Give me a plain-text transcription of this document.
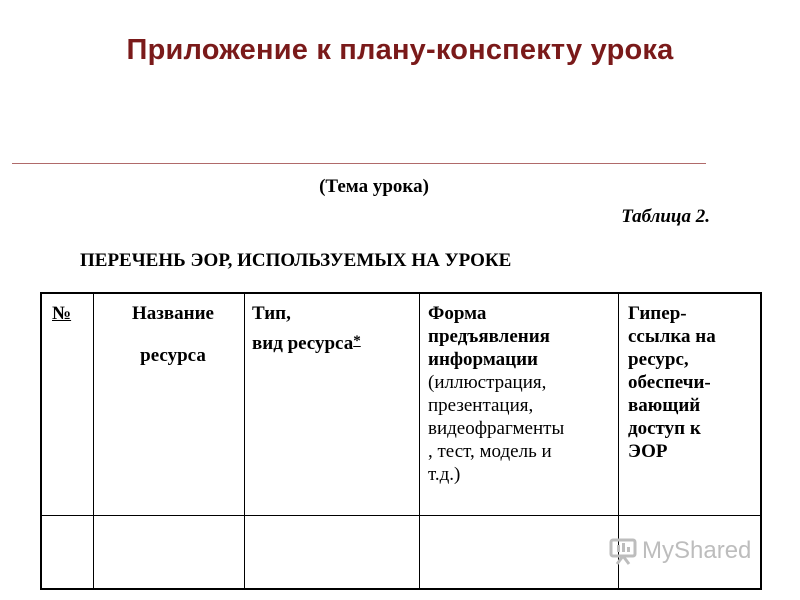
Приложение к плану-конспекту урока
(Тема урока)
Таблица 2.
ПЕРЕЧЕНЬ ЭОР, ИСПОЛЬЗУЕМЫХ НА УРОКЕ
№	Название
ресурса
Тип,
вид ресурса*
Форма
предъявления
информации
(иллюстрация,
презентация,
видеофрагменты
, тест, модель и
т.д.)
Гипер-
ссылка на
ресурс,
обеспечи-
вающий
доступ к
ЭОР
MyShared
